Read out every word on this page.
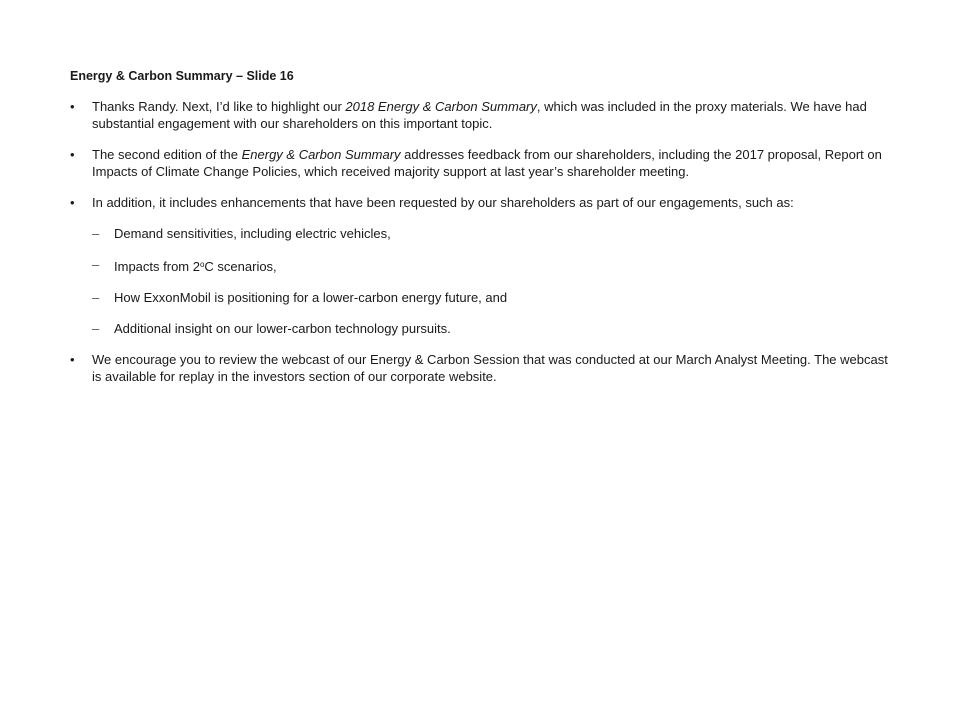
Energy & Carbon Summary – Slide 16
•	Thanks Randy. Next, I’d like to highlight our 2018 Energy & Carbon Summary, which was included in the proxy materials. We have had substantial engagement with our shareholders on this important topic.
•	The second edition of the Energy & Carbon Summary addresses feedback from our shareholders, including the 2017 proposal, Report on Impacts of Climate Change Policies, which received majority support at last year’s shareholder meeting.
•	In addition, it includes enhancements that have been requested by our shareholders as part of our engagements, such as:
– Demand sensitivities, including electric vehicles,
– Impacts from 2$^o$C scenarios,
– How ExxonMobil is positioning for a lower-carbon energy future, and
– Additional insight on our lower-carbon technology pursuits.
•	We encourage you to review the webcast of our Energy & Carbon Session that was conducted at our March Analyst Meeting. The webcast is available for replay in the investors section of our corporate website.
